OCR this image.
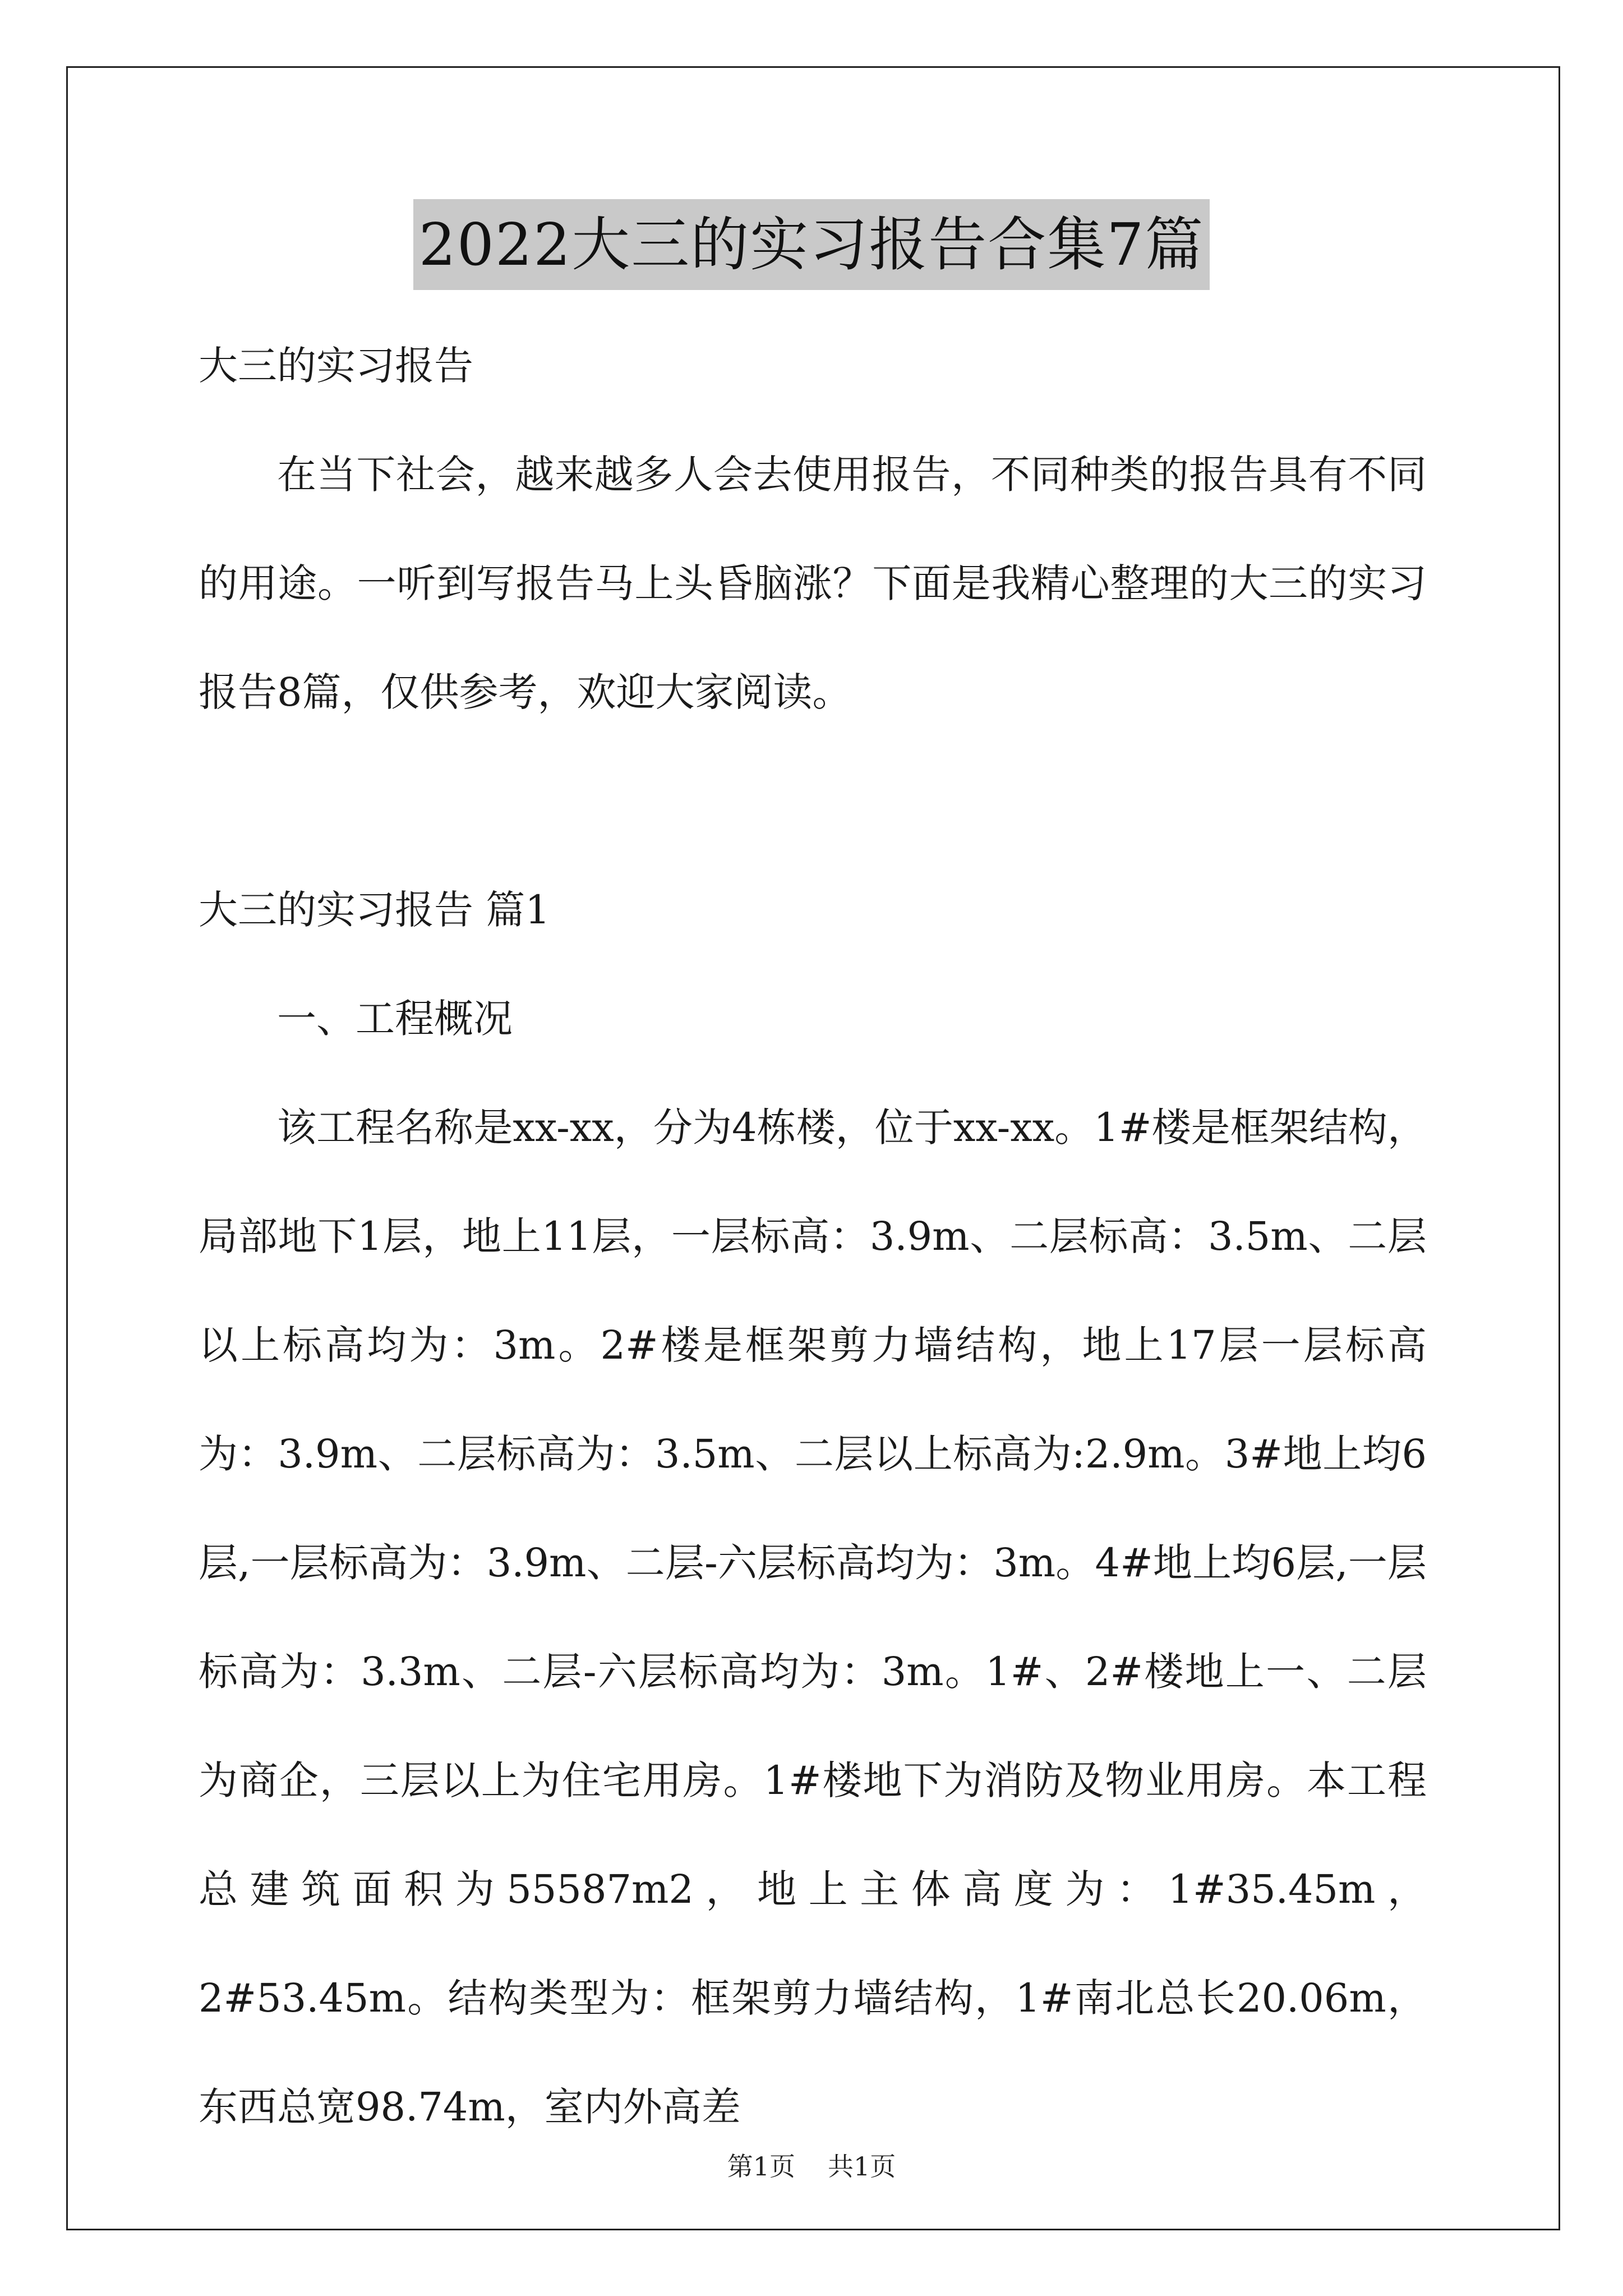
2022大三的实习报告合集7篇

大三的实习报告

在当下社会，越来越多人会去使用报告，不同种类的报告具有不同的用途。一听到写报告马上头昏脑涨？下面是我精心整理的大三的实习报告8篇，仅供参考，欢迎大家阅读。

大三的实习报告 篇1

一、工程概况

该工程名称是xx-xx，分为4栋楼，位于xx-xx。1#楼是框架结构，局部地下1层，地上11层，一层标高：3.9m、二层标高：3.5m、二层以上标高均为：3m。2#楼是框架剪力墙结构，地上17层一层标高为：3.9m、二层标高为：3.5m、二层以上标高为:2.9m。3#地上均6层,一层标高为：3.9m、二层-六层标高均为：3m。4#地上均6层,一层标高为：3.3m、二层-六层标高均为：3m。1#、2#楼地上一、二层为商企，三层以上为住宅用房。1#楼地下为消防及物业用房。本工程总建筑面积为55587m2，地上主体高度为：1#35.45m，2#53.45m。结构类型为：框架剪力墙结构，1#南北总长20.06m，东西总宽98.74m，室内外高差

第1页 共1页
